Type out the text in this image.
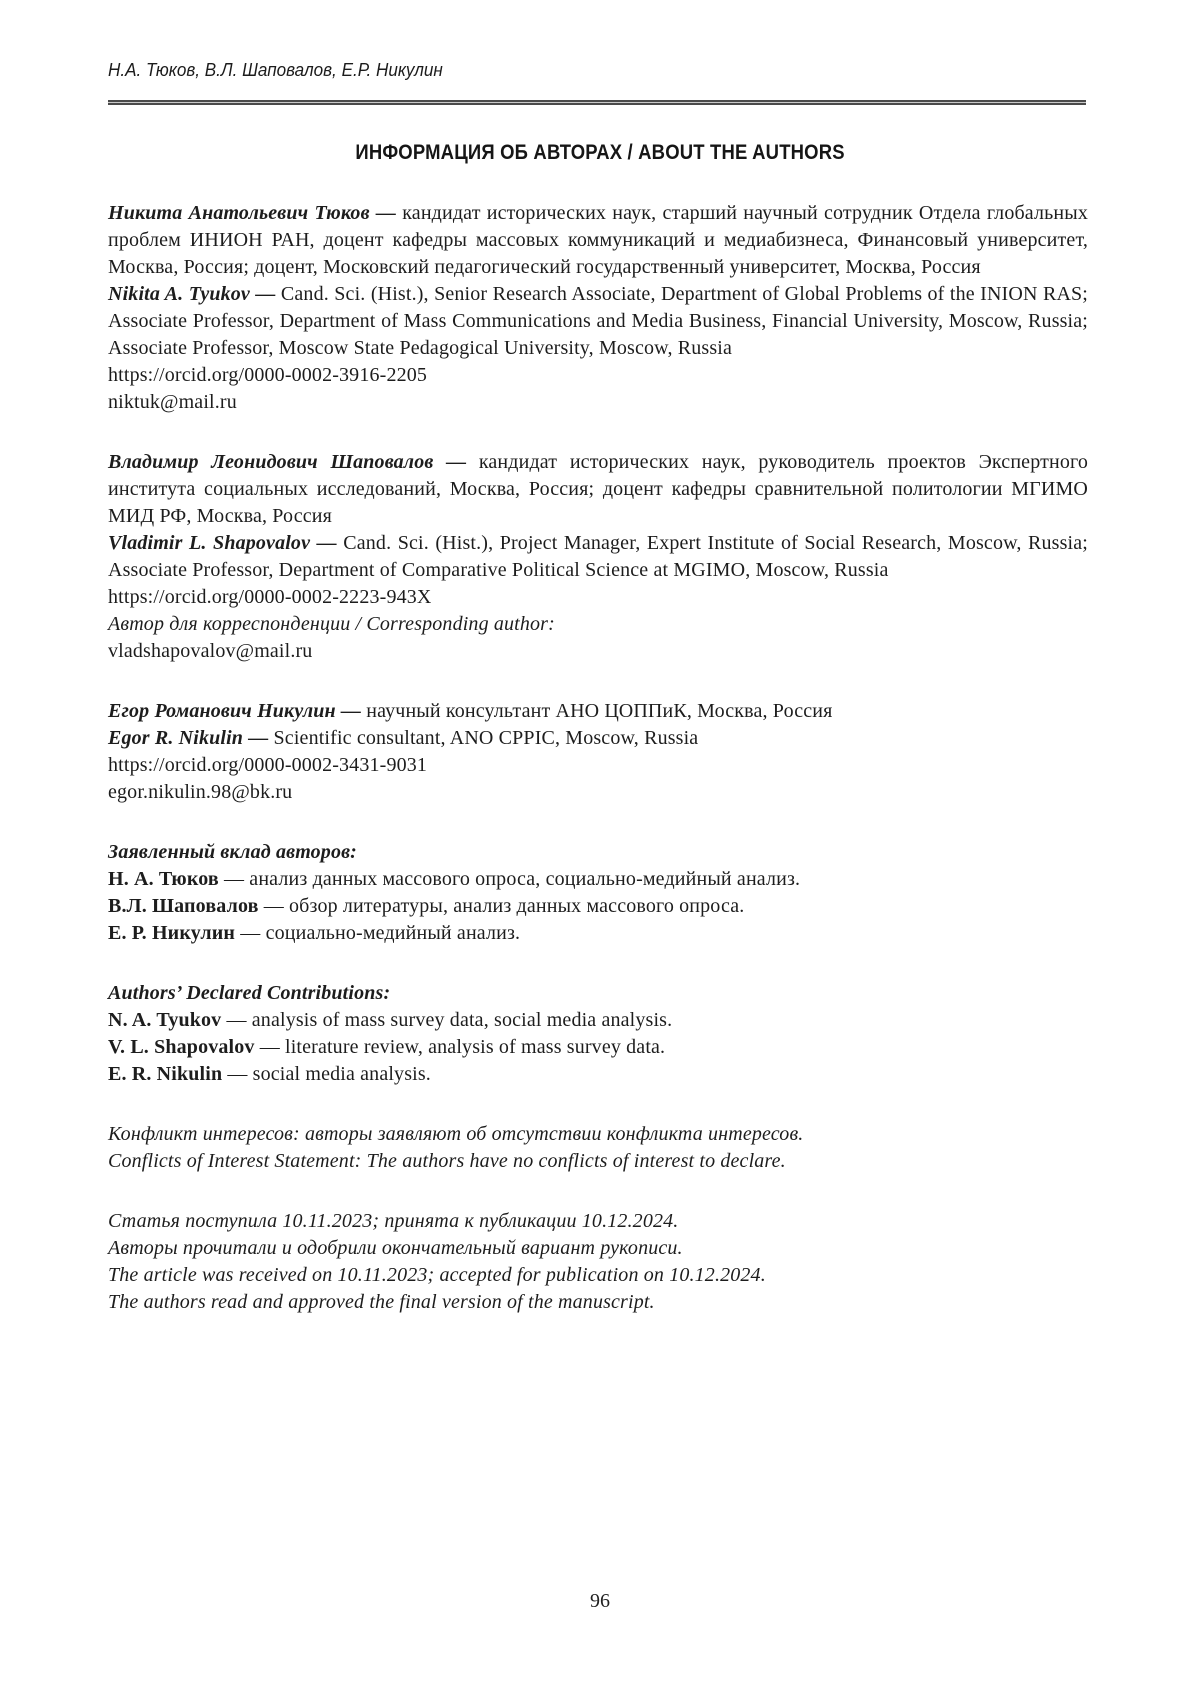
Н.А. Тюков, В.Л. Шаповалов, Е.Р. Никулин
ИНФОРМАЦИЯ ОБ АВТОРАХ / ABOUT THE AUTHORS

Никита Анатольевич Тюков — кандидат исторических наук, старший научный сотрудник Отдела глобальных проблем ИНИОН РАН, доцент кафедры массовых коммуникаций и медиабизнеса, Финансовый университет, Москва, Россия; доцент, Московский педагогический государственный университет, Москва, Россия

Nikita A. Tyukov — Cand. Sci. (Hist.), Senior Research Associate, Department of Global Problems of the INION RAS; Associate Professor, Department of Mass Communications and Media Business, Financial University, Moscow, Russia; Associate Professor, Moscow State Pedagogical University, Moscow, Russia

https://orcid.org/0000-0002-3916-2205

niktuk@mail.ru

Владимир Леонидович Шаповалов — кандидат исторических наук, руководитель проектов Экспертного института социальных исследований, Москва, Россия; доцент кафедры сравнительной политологии МГИМО МИД РФ, Москва, Россия

Vladimir L. Shapovalov — Cand. Sci. (Hist.), Project Manager, Expert Institute of Social Research, Moscow, Russia; Associate Professor, Department of Comparative Political Science at MGIMO, Moscow, Russia

https://orcid.org/0000-0002-2223-943X

Автор для корреспонденции / Corresponding author:

vladshapovalov@mail.ru

Егор Романович Никулин — научный консультант АНО ЦОППиК, Москва, Россия

Egor R. Nikulin — Scientific consultant, ANO CPPIC, Moscow, Russia

https://orcid.org/0000-0002-3431-9031

egor.nikulin.98@bk.ru

Заявленный вклад авторов:

Н. А. Тюков — анализ данных массового опроса, социально-медийный анализ.

В.Л. Шаповалов — обзор литературы, анализ данных массового опроса.

Е. Р. Никулин — социально-медийный анализ.

Authors’ Declared Contributions:

N. A. Tyukov — analysis of mass survey data, social media analysis.

V. L. Shapovalov — literature review, analysis of mass survey data.

E. R. Nikulin — social media analysis.

Конфликт интересов: авторы заявляют об отсутствии конфликта интересов.

Conflicts of Interest Statement: The authors have no conflicts of interest to declare.

Статья поступила 10.11.2023; принята к публикации 10.12.2024.

Авторы прочитали и одобрили окончательный вариант рукописи.

The article was received on 10.11.2023; accepted for publication on 10.12.2024.

The authors read and approved the final version of the manuscript.

96
